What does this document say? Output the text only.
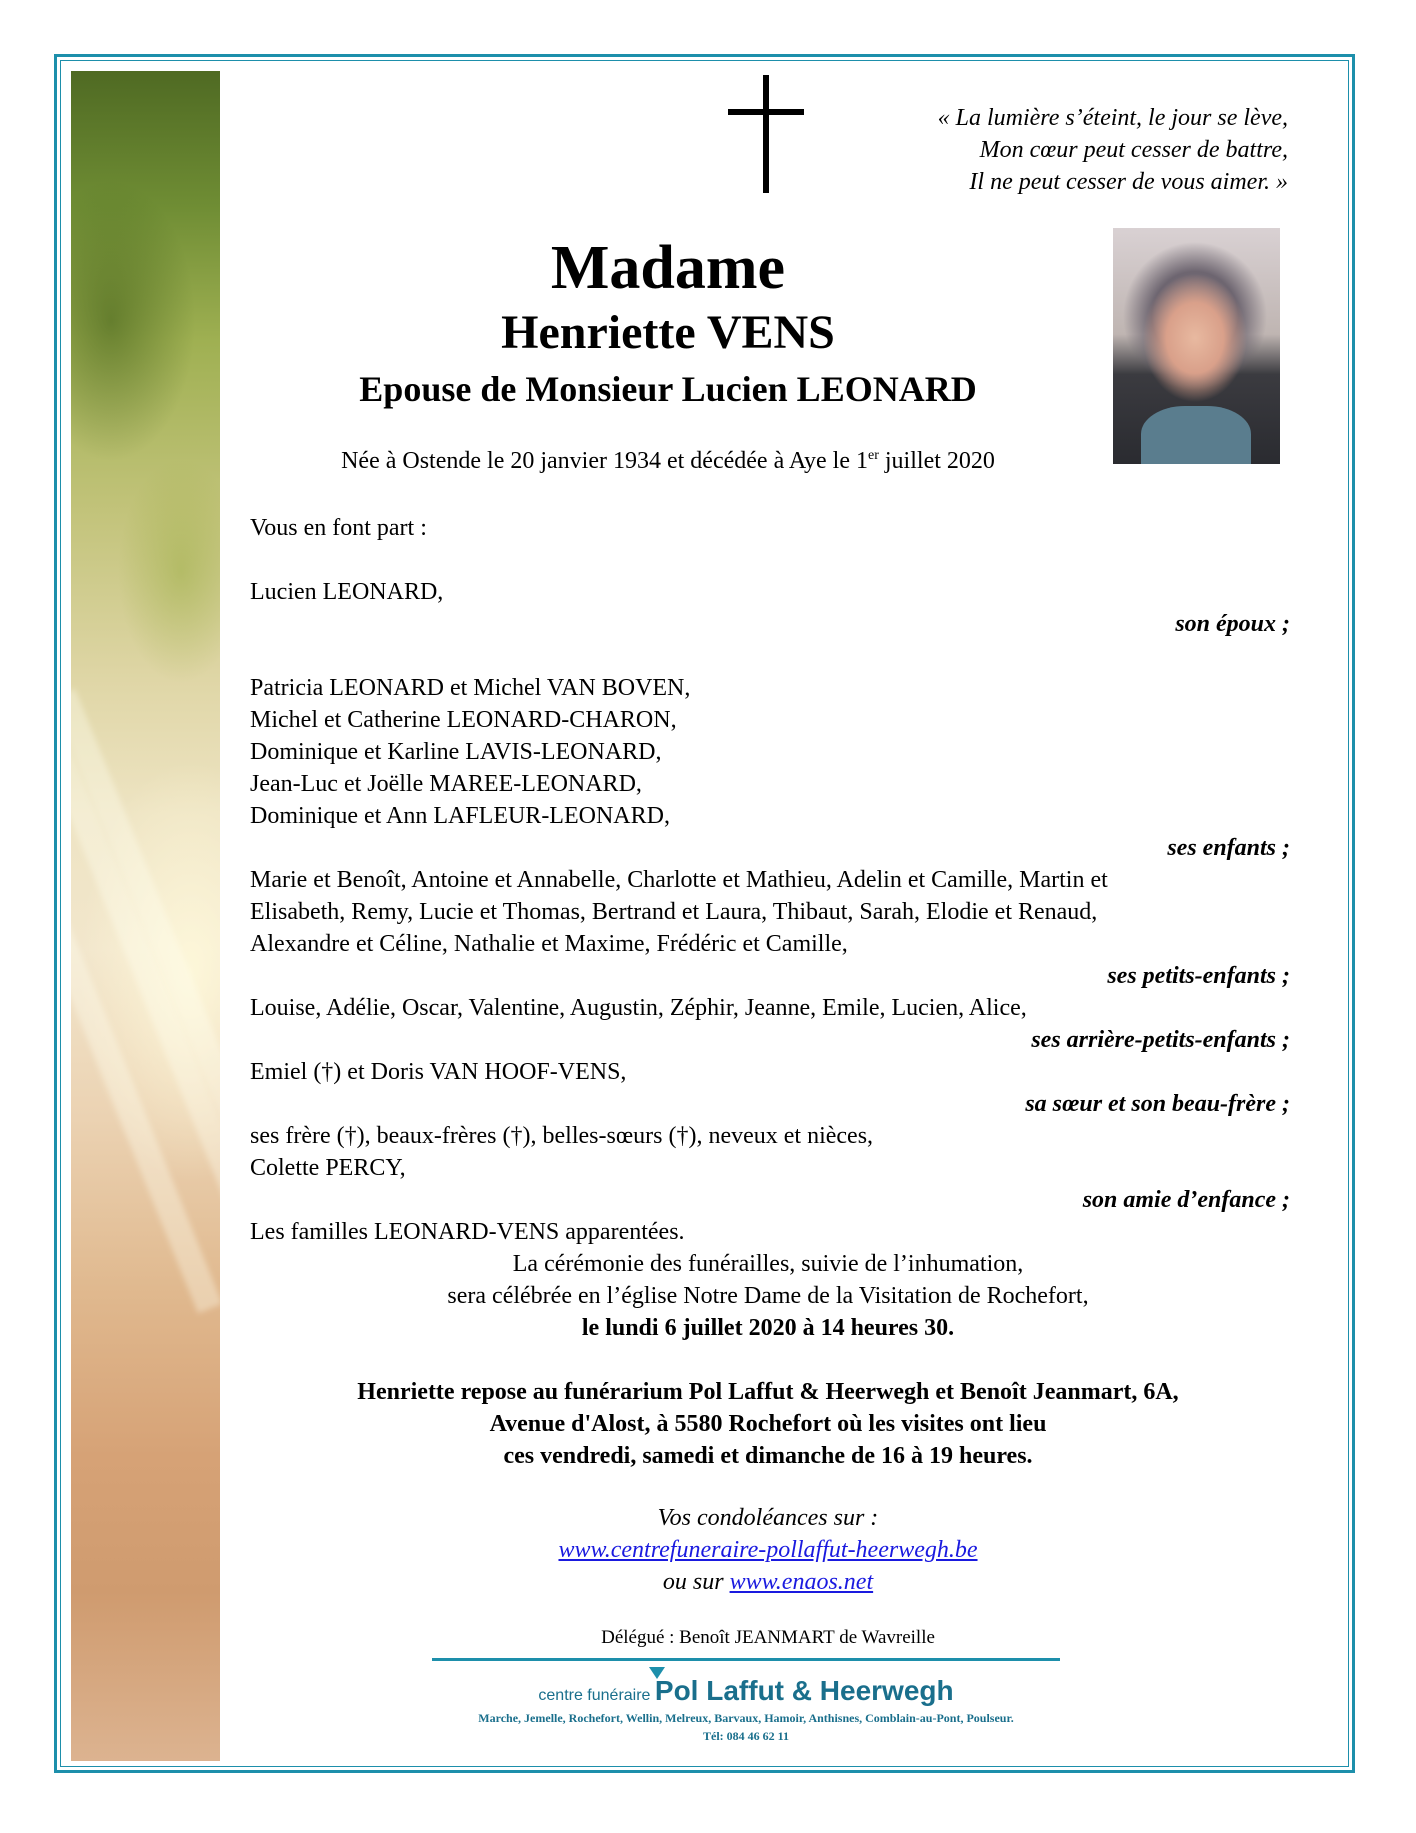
« La lumière s’éteint, le jour se lève,
Mon cœur peut cesser de battre,
Il ne peut cesser de vous aimer. »
Madame
Henriette VENS
Epouse de Monsieur Lucien LEONARD
Née à Ostende le 20 janvier 1934 et décédée à Aye le 1er juillet 2020

Vous en font part :

Lucien LEONARD,

son époux ;

Patricia LEONARD et Michel VAN BOVEN,

Michel et Catherine LEONARD-CHARON,

Dominique et Karline LAVIS-LEONARD,

Jean-Luc et Joëlle MAREE-LEONARD,

Dominique et Ann LAFLEUR-LEONARD,

ses enfants ;

Marie et Benoît, Antoine et Annabelle, Charlotte et Mathieu, Adelin et Camille, Martin et

Elisabeth, Remy, Lucie et Thomas, Bertrand et Laura, Thibaut, Sarah, Elodie et Renaud,

Alexandre et Céline, Nathalie et Maxime, Frédéric et Camille,

ses petits-enfants ;

Louise, Adélie, Oscar, Valentine, Augustin, Zéphir, Jeanne, Emile, Lucien, Alice,

ses arrière-petits-enfants ;

Emiel (†) et Doris VAN HOOF-VENS,

sa sœur et son beau-frère ;

ses frère (†), beaux-frères (†), belles-sœurs (†), neveux et nièces,

Colette PERCY,

son amie d’enfance ;

Les familles LEONARD-VENS apparentées.

La cérémonie des funérailles, suivie de l’inhumation,
sera célébrée en l’église Notre Dame de la Visitation de Rochefort,
le lundi 6 juillet 2020 à 14 heures 30.
Henriette repose au funérarium Pol Laffut & Heerwegh et Benoît Jeanmart, 6A,
Avenue d'Alost, à 5580 Rochefort où les visites ont lieu
ces vendredi, samedi et dimanche de 16 à 19 heures.
Vos condoléances sur :
www.centrefuneraire-pollaffut-heerwegh.be
ou sur www.enaos.net
Délégué : Benoît JEANMART de Wavreille
centre funéraire Pol Laffut & Heerwegh
Marche, Jemelle, Rochefort, Wellin, Melreux, Barvaux, Hamoir, Anthisnes, Comblain-au-Pont, Poulseur.
Tél: 084 46 62 11
